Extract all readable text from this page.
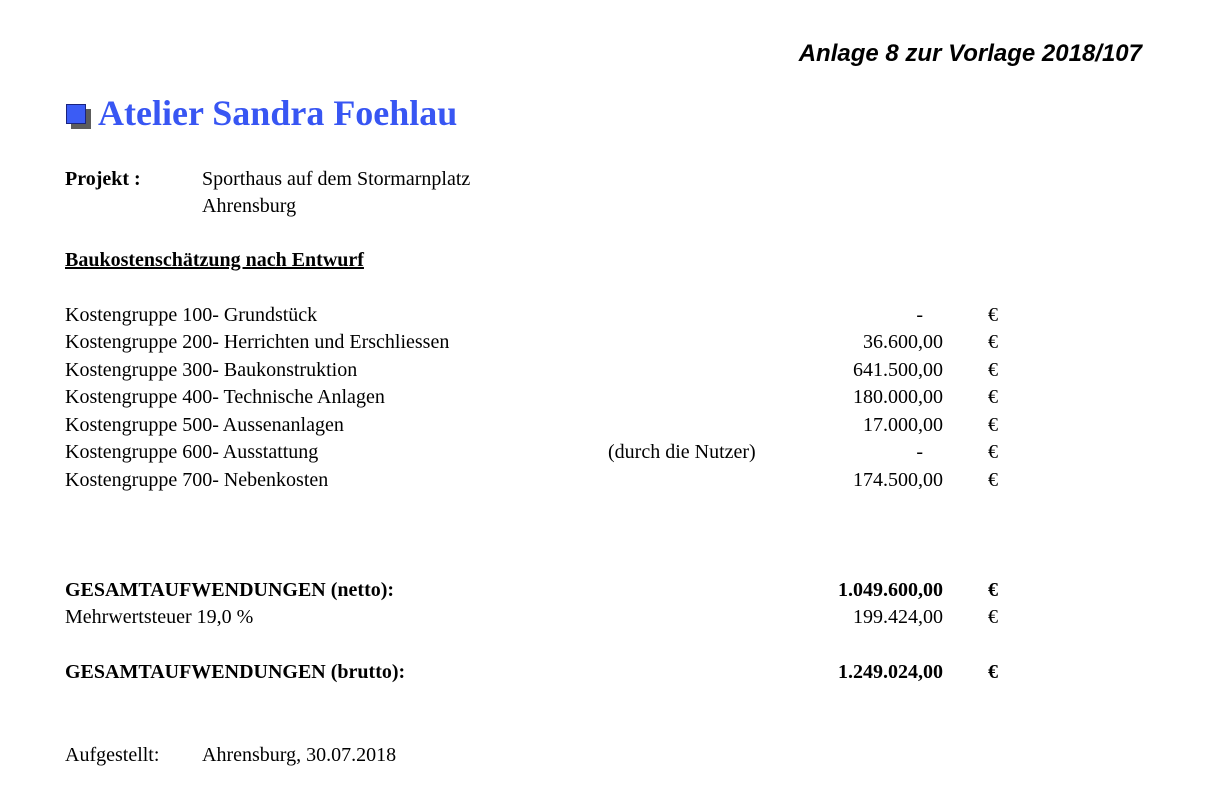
Anlage 8 zur Vorlage 2018/107
Atelier Sandra Foehlau
Projekt :	Sporthaus auf dem Stormarnplatz
Ahrensburg
Baukostenschätzung nach Entwurf
Kostengruppe 100- Grundstück	-	€
Kostengruppe 200- Herrichten und Erschliessen	36.600,00 €
Kostengruppe 300- Baukonstruktion	641.500,00 €
Kostengruppe 400- Technische Anlagen	180.000,00 €
Kostengruppe 500- Aussenanlagen	17.000,00 €
Kostengruppe 600- Ausstattung	(durch die Nutzer)	-	€
Kostengruppe 700- Nebenkosten	174.500,00 €
GESAMTAUFWENDUNGEN (netto):	1.049.600,00 €
Mehrwertsteuer 19,0 %	199.424,00 €
GESAMTAUFWENDUNGEN (brutto):	1.249.024,00 €
Aufgestellt: Ahrensburg, 30.07.2018
